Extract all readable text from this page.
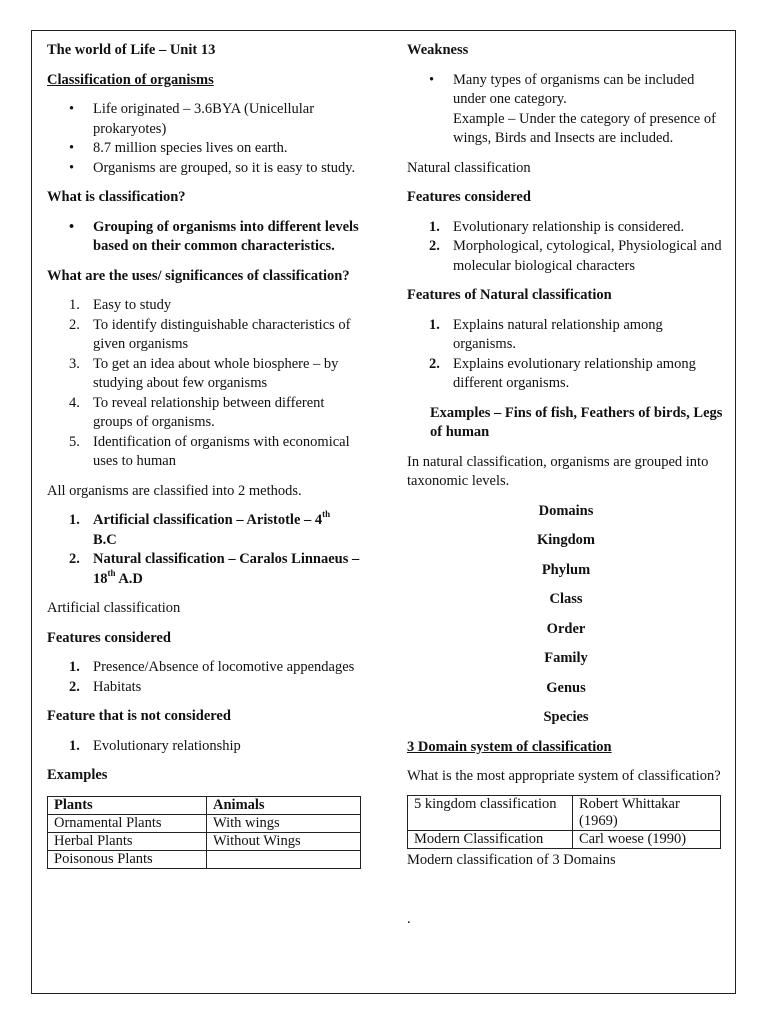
The world of Life – Unit 13

Classification of organisms

• Life originated – 3.6BYA (Unicellular prokaryotes)
• 8.7 million species lives on earth.
• Organisms are grouped, so it is easy to study.

What is classification?

• Grouping of organisms into different levels based on their common characteristics.

What are the uses/ significances of classification?

1. Easy to study
2. To identify distinguishable characteristics of given organisms
3. To get an idea about whole biosphere – by studying about few organisms
4. To reveal relationship between different groups of organisms.
5. Identification of organisms with economical uses to human

All organisms are classified into 2 methods.

1. Artificial classification – Aristotle – 4th
B.C
2. Natural classification – Caralos Linnaeus – 18th A.D

Artificial classification

Features considered

1. Presence/Absence of locomotive appendages
2. Habitats

Feature that is not considered

1. Evolutionary relationship

Examples

Plants	Animals
Ornamental Plants	With wings
Herbal Plants	Without Wings
Poisonous Plants	

Weakness

• Many types of organisms can be included under one category.
Example – Under the category of presence of wings, Birds and Insects are included.

Natural classification

Features considered

1. Evolutionary relationship is considered.
2. Morphological, cytological, Physiological and molecular biological characters

Features of Natural classification

1. Explains natural relationship among organisms.
2. Explains evolutionary relationship among different organisms.

Examples – Fins of fish, Feathers of birds, Legs of human

In natural classification, organisms are grouped into taxonomic levels.

Domains

Kingdom

Phylum

Class

Order

Family

Genus

Species

3 Domain system of classification

What is the most appropriate system of classification?

5 kingdom classification	Robert Whittakar (1969)
Modern Classification	Carl woese (1990)

Modern classification of 3 Domains

.
